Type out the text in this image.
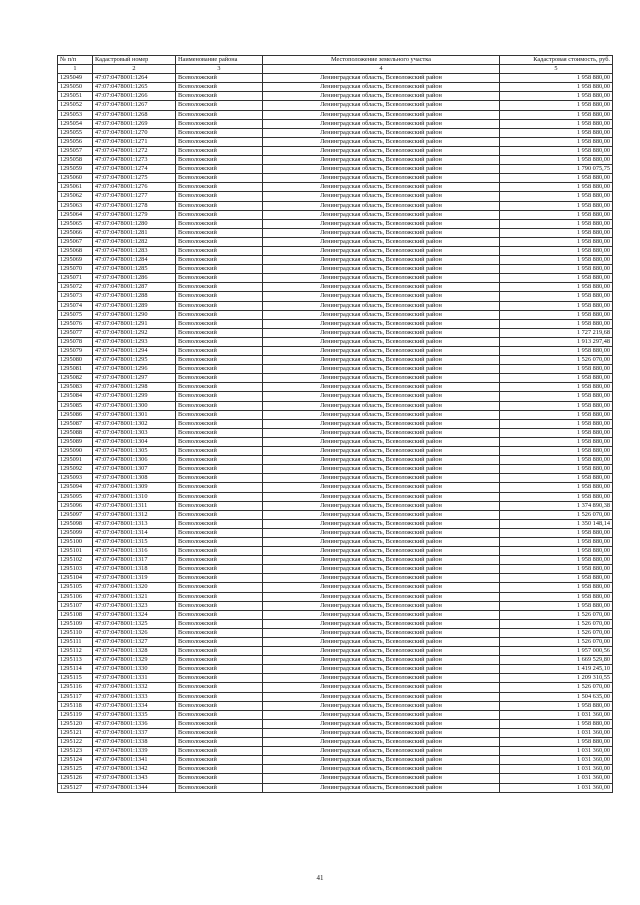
№ п/п	Кадастровый номер	Наименование района	Местоположение земельного участка	Кадастровая стоимость, руб.
1	2	3	4	5
1295049	47:07:0478001:1264	Всеволожский	Ленинградская область, Всеволожский район	1 958 880,00
1295050	47:07:0478001:1265	Всеволожский	Ленинградская область, Всеволожский район	1 958 880,00
1295051	47:07:0478001:1266	Всеволожский	Ленинградская область, Всеволожский район	1 958 880,00
1295052	47:07:0478001:1267	Всеволожский	Ленинградская область, Всеволожский район	1 958 880,00
1295053	47:07:0478001:1268	Всеволожский	Ленинградская область, Всеволожский район	1 958 880,00
1295054	47:07:0478001:1269	Всеволожский	Ленинградская область, Всеволожский район	1 958 880,00
1295055	47:07:0478001:1270	Всеволожский	Ленинградская область, Всеволожский район	1 958 880,00
1295056	47:07:0478001:1271	Всеволожский	Ленинградская область, Всеволожский район	1 958 880,00
1295057	47:07:0478001:1272	Всеволожский	Ленинградская область, Всеволожский район	1 958 880,00
1295058	47:07:0478001:1273	Всеволожский	Ленинградская область, Всеволожский район	1 958 880,00
1295059	47:07:0478001:1274	Всеволожский	Ленинградская область, Всеволожский район	1 790 075,75
1295060	47:07:0478001:1275	Всеволожский	Ленинградская область, Всеволожский район	1 958 880,00
1295061	47:07:0478001:1276	Всеволожский	Ленинградская область, Всеволожский район	1 958 880,00
1295062	47:07:0478001:1277	Всеволожский	Ленинградская область, Всеволожский район	1 958 880,00
1295063	47:07:0478001:1278	Всеволожский	Ленинградская область, Всеволожский район	1 958 880,00
1295064	47:07:0478001:1279	Всеволожский	Ленинградская область, Всеволожский район	1 958 880,00
1295065	47:07:0478001:1280	Всеволожский	Ленинградская область, Всеволожский район	1 958 880,00
1295066	47:07:0478001:1281	Всеволожский	Ленинградская область, Всеволожский район	1 958 880,00
1295067	47:07:0478001:1282	Всеволожский	Ленинградская область, Всеволожский район	1 958 880,00
1295068	47:07:0478001:1283	Всеволожский	Ленинградская область, Всеволожский район	1 958 880,00
1295069	47:07:0478001:1284	Всеволожский	Ленинградская область, Всеволожский район	1 958 880,00
1295070	47:07:0478001:1285	Всеволожский	Ленинградская область, Всеволожский район	1 958 880,00
1295071	47:07:0478001:1286	Всеволожский	Ленинградская область, Всеволожский район	1 958 880,00
1295072	47:07:0478001:1287	Всеволожский	Ленинградская область, Всеволожский район	1 958 880,00
1295073	47:07:0478001:1288	Всеволожский	Ленинградская область, Всеволожский район	1 958 880,00
1295074	47:07:0478001:1289	Всеволожский	Ленинградская область, Всеволожский район	1 958 880,00
1295075	47:07:0478001:1290	Всеволожский	Ленинградская область, Всеволожский район	1 958 880,00
1295076	47:07:0478001:1291	Всеволожский	Ленинградская область, Всеволожский район	1 958 880,00
1295077	47:07:0478001:1292	Всеволожский	Ленинградская область, Всеволожский район	1 727 219,68
1295078	47:07:0478001:1293	Всеволожский	Ленинградская область, Всеволожский район	1 913 297,48
1295079	47:07:0478001:1294	Всеволожский	Ленинградская область, Всеволожский район	1 958 880,00
1295080	47:07:0478001:1295	Всеволожский	Ленинградская область, Всеволожский район	1 526 070,00
1295081	47:07:0478001:1296	Всеволожский	Ленинградская область, Всеволожский район	1 958 880,00
1295082	47:07:0478001:1297	Всеволожский	Ленинградская область, Всеволожский район	1 958 880,00
1295083	47:07:0478001:1298	Всеволожский	Ленинградская область, Всеволожский район	1 958 880,00
1295084	47:07:0478001:1299	Всеволожский	Ленинградская область, Всеволожский район	1 958 880,00
1295085	47:07:0478001:1300	Всеволожский	Ленинградская область, Всеволожский район	1 958 880,00
1295086	47:07:0478001:1301	Всеволожский	Ленинградская область, Всеволожский район	1 958 880,00
1295087	47:07:0478001:1302	Всеволожский	Ленинградская область, Всеволожский район	1 958 880,00
1295088	47:07:0478001:1303	Всеволожский	Ленинградская область, Всеволожский район	1 958 880,00
1295089	47:07:0478001:1304	Всеволожский	Ленинградская область, Всеволожский район	1 958 880,00
1295090	47:07:0478001:1305	Всеволожский	Ленинградская область, Всеволожский район	1 958 880,00
1295091	47:07:0478001:1306	Всеволожский	Ленинградская область, Всеволожский район	1 958 880,00
1295092	47:07:0478001:1307	Всеволожский	Ленинградская область, Всеволожский район	1 958 880,00
1295093	47:07:0478001:1308	Всеволожский	Ленинградская область, Всеволожский район	1 958 880,00
1295094	47:07:0478001:1309	Всеволожский	Ленинградская область, Всеволожский район	1 958 880,00
1295095	47:07:0478001:1310	Всеволожский	Ленинградская область, Всеволожский район	1 958 880,00
1295096	47:07:0478001:1311	Всеволожский	Ленинградская область, Всеволожский район	1 374 890,38
1295097	47:07:0478001:1312	Всеволожский	Ленинградская область, Всеволожский район	1 526 070,00
1295098	47:07:0478001:1313	Всеволожский	Ленинградская область, Всеволожский район	1 350 148,14
1295099	47:07:0478001:1314	Всеволожский	Ленинградская область, Всеволожский район	1 958 880,00
1295100	47:07:0478001:1315	Всеволожский	Ленинградская область, Всеволожский район	1 958 880,00
1295101	47:07:0478001:1316	Всеволожский	Ленинградская область, Всеволожский район	1 958 880,00
1295102	47:07:0478001:1317	Всеволожский	Ленинградская область, Всеволожский район	1 958 880,00
1295103	47:07:0478001:1318	Всеволожский	Ленинградская область, Всеволожский район	1 958 880,00
1295104	47:07:0478001:1319	Всеволожский	Ленинградская область, Всеволожский район	1 958 880,00
1295105	47:07:0478001:1320	Всеволожский	Ленинградская область, Всеволожский район	1 958 880,00
1295106	47:07:0478001:1321	Всеволожский	Ленинградская область, Всеволожский район	1 958 880,00
1295107	47:07:0478001:1323	Всеволожский	Ленинградская область, Всеволожский район	1 958 880,00
1295108	47:07:0478001:1324	Всеволожский	Ленинградская область, Всеволожский район	1 526 070,00
1295109	47:07:0478001:1325	Всеволожский	Ленинградская область, Всеволожский район	1 526 070,00
1295110	47:07:0478001:1326	Всеволожский	Ленинградская область, Всеволожский район	1 526 070,00
1295111	47:07:0478001:1327	Всеволожский	Ленинградская область, Всеволожский район	1 526 070,00
1295112	47:07:0478001:1328	Всеволожский	Ленинградская область, Всеволожский район	1 957 000,56
1295113	47:07:0478001:1329	Всеволожский	Ленинградская область, Всеволожский район	1 669 529,80
1295114	47:07:0478001:1330	Всеволожский	Ленинградская область, Всеволожский район	1 419 245,10
1295115	47:07:0478001:1331	Всеволожский	Ленинградская область, Всеволожский район	1 209 310,55
1295116	47:07:0478001:1332	Всеволожский	Ленинградская область, Всеволожский район	1 526 070,00
1295117	47:07:0478001:1333	Всеволожский	Ленинградская область, Всеволожский район	1 504 635,00
1295118	47:07:0478001:1334	Всеволожский	Ленинградская область, Всеволожский район	1 958 880,00
1295119	47:07:0478001:1335	Всеволожский	Ленинградская область, Всеволожский район	1 031 360,00
1295120	47:07:0478001:1336	Всеволожский	Ленинградская область, Всеволожский район	1 958 880,00
1295121	47:07:0478001:1337	Всеволожский	Ленинградская область, Всеволожский район	1 031 360,00
1295122	47:07:0478001:1338	Всеволожский	Ленинградская область, Всеволожский район	1 958 880,00
1295123	47:07:0478001:1339	Всеволожский	Ленинградская область, Всеволожский район	1 031 360,00
1295124	47:07:0478001:1341	Всеволожский	Ленинградская область, Всеволожский район	1 031 360,00
1295125	47:07:0478001:1342	Всеволожский	Ленинградская область, Всеволожский район	1 031 360,00
1295126	47:07:0478001:1343	Всеволожский	Ленинградская область, Всеволожский район	1 031 360,00
1295127	47:07:0478001:1344	Всеволожский	Ленинградская область, Всеволожский район	1 031 360,00
41
